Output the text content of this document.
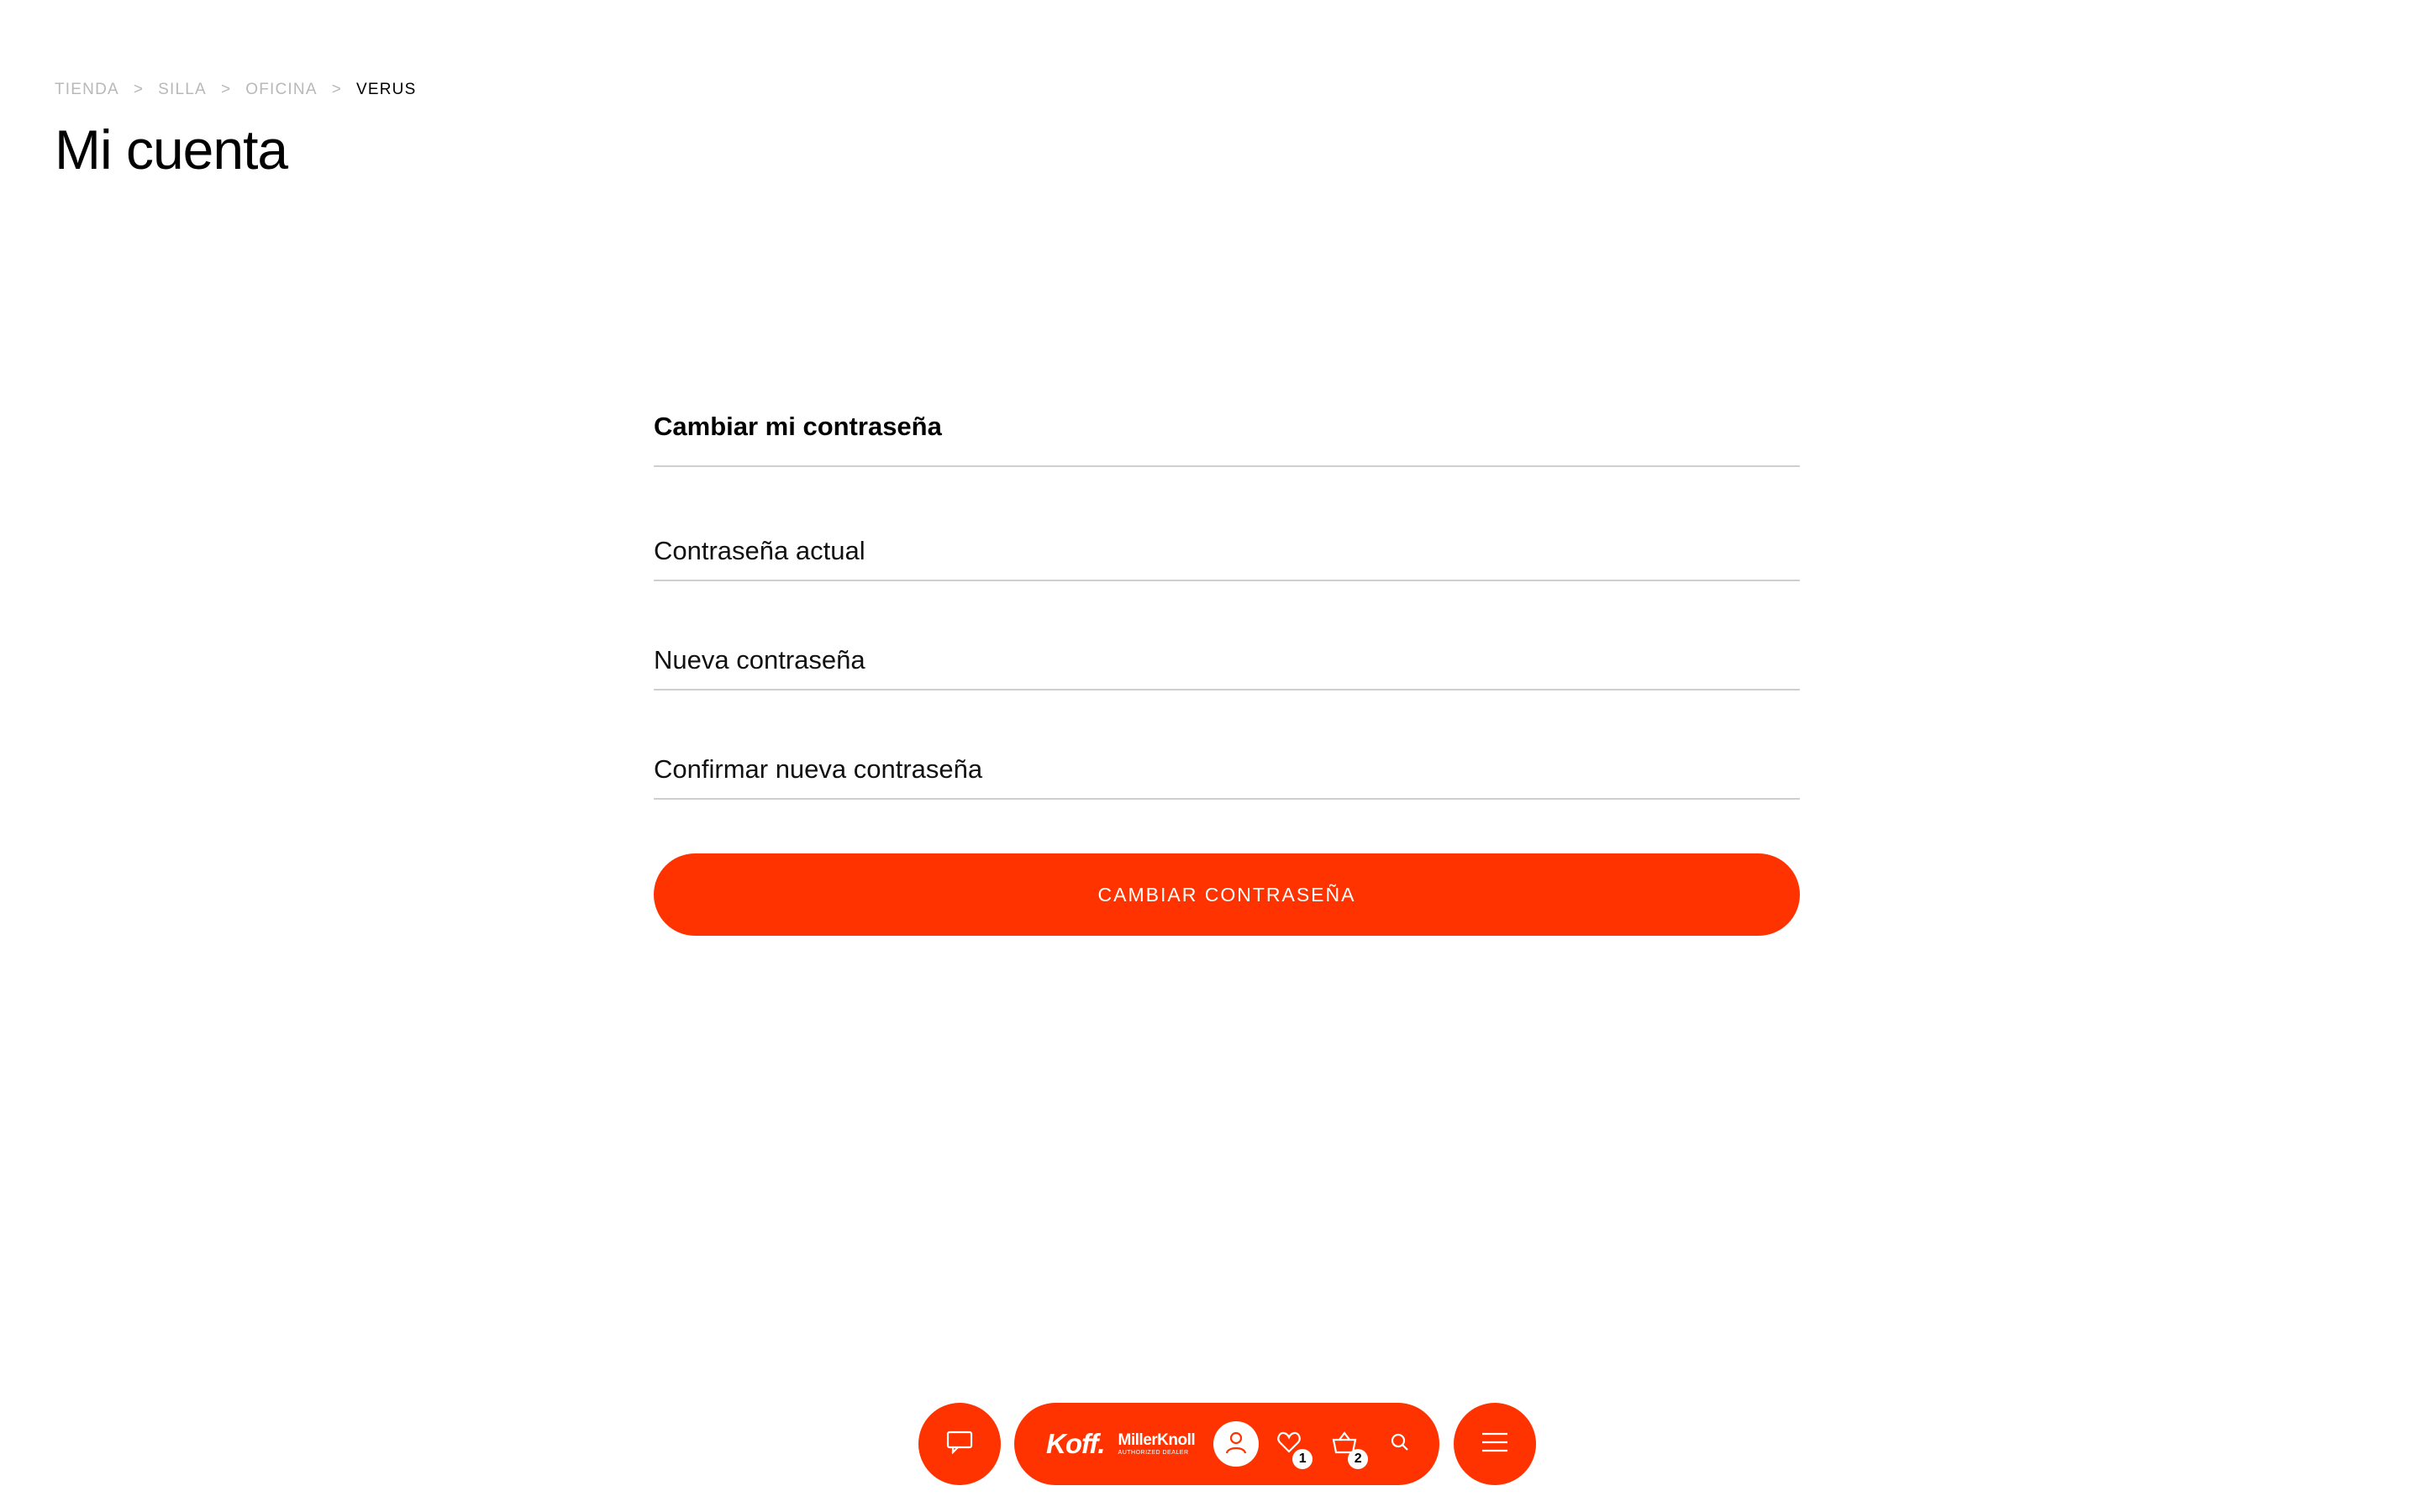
TIENDA > SILLA > OFICINA > VERUS
Mi cuenta
Cambiar mi contraseña
Contraseña actual
Nueva contraseña
Confirmar nueva contraseña
CAMBIAR CONTRASEÑA
Koff. MillerKnoll
AUTHORIZED DEALER	1	2
